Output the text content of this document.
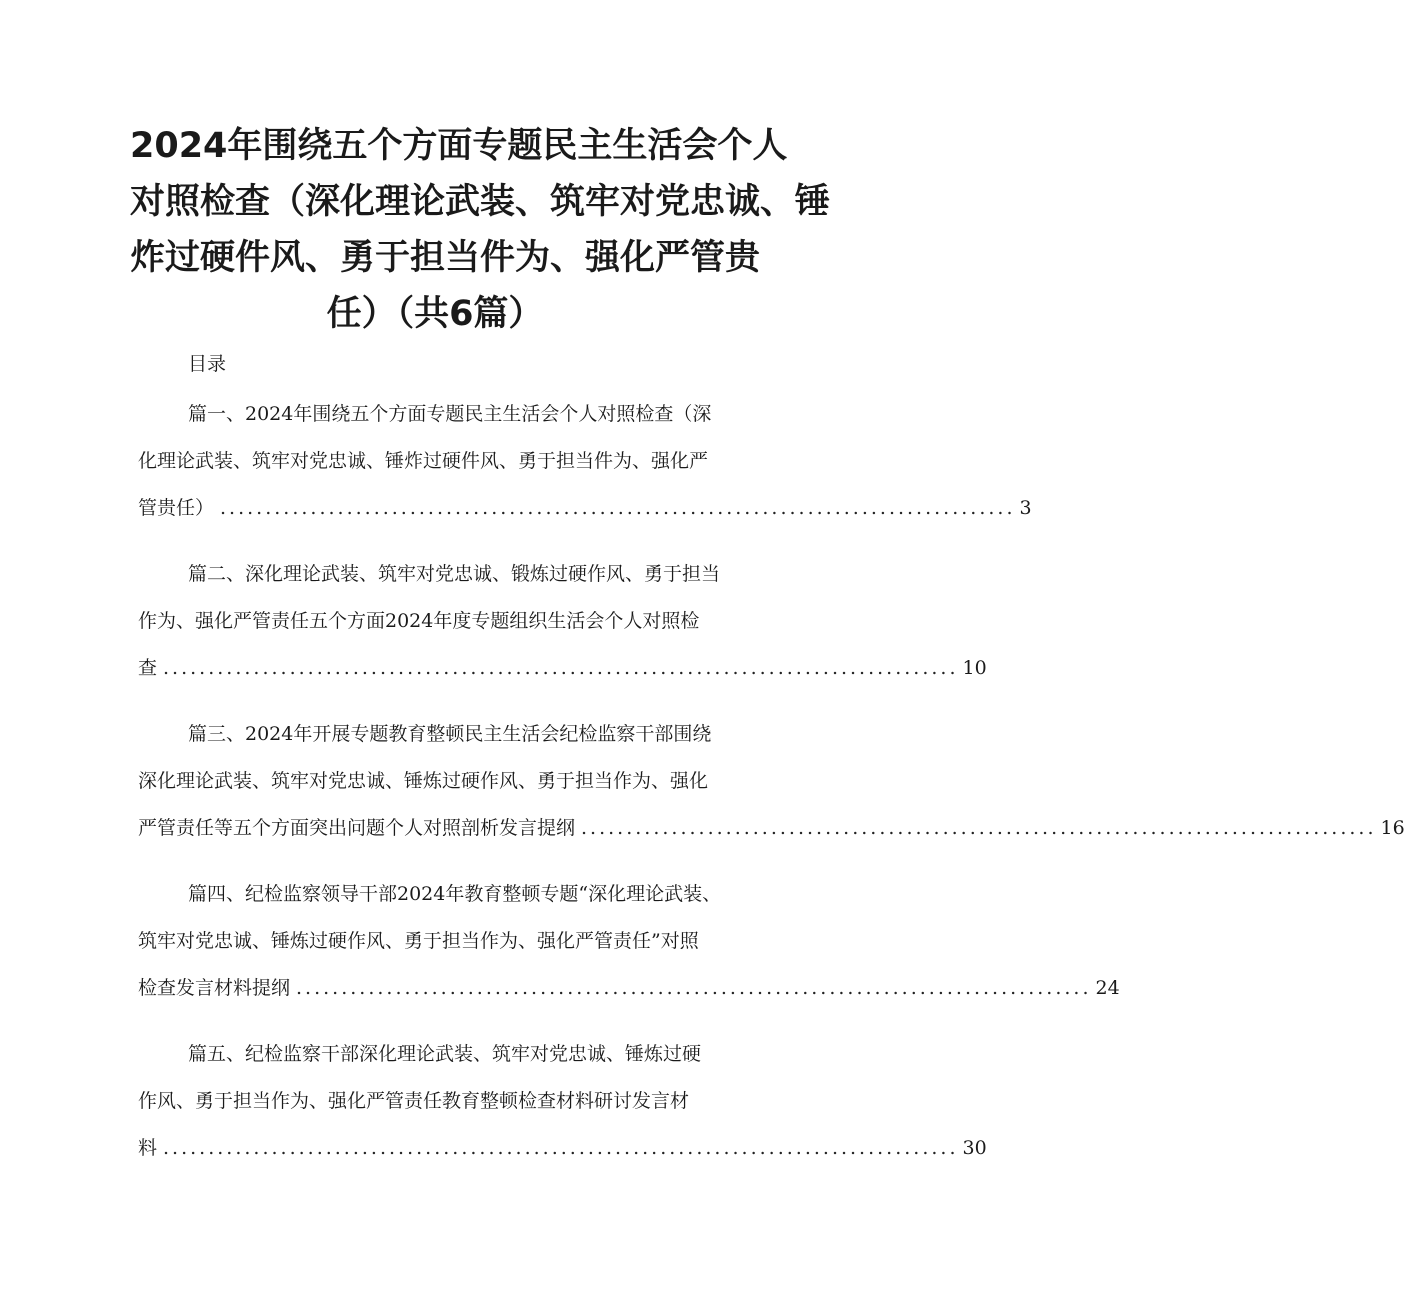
2024年围绕五个方面专题民主生活会个人
对照检查（深化理论武装、筑牢对党忠诚、锤
炸过硬件风、勇于担当件为、强化严管贵
任）（共6篇）
目录
篇一、2024年围绕五个方面专题民主生活会个人对照检查（深
化理论武装、筑牢对党忠诚、锤炸过硬件风、勇于担当件为、强化严
管贵任） ........................................................................................ 3
篇二、深化理论武装、筑牢对党忠诚、锻炼过硬作风、勇于担当
作为、强化严管责任五个方面2024年度专题组织生活会个人对照检
查 ........................................................................................ 10
篇三、2024年开展专题教育整顿民主生活会纪检监察干部围绕
深化理论武装、筑牢对党忠诚、锤炼过硬作风、勇于担当作为、强化
严管责任等五个方面突出问题个人对照剖析发言提纲 ........................................................................................ 16
篇四、纪检监察领导干部2024年教育整顿专题“深化理论武装、
筑牢对党忠诚、锤炼过硬作风、勇于担当作为、强化严管责任”对照
检查发言材料提纲 ........................................................................................ 24
篇五、纪检监察干部深化理论武装、筑牢对党忠诚、锤炼过硬
作风、勇于担当作为、强化严管责任教育整顿检查材料研讨发言材
料 ........................................................................................ 30
